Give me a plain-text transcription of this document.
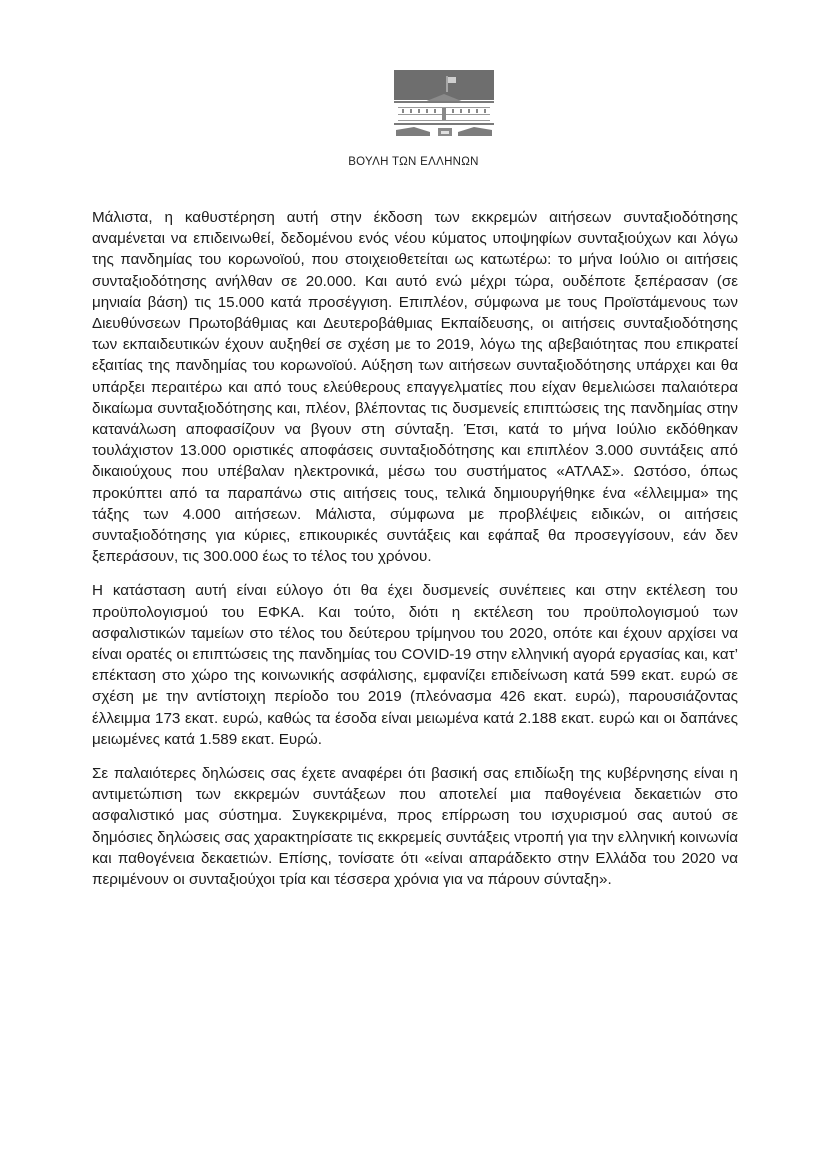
ΒΟΥΛΗ ΤΩΝ ΕΛΛΗΝΩΝ

Μάλιστα, η καθυστέρηση αυτή στην έκδοση των εκκρεμών αιτήσεων συνταξιοδότησης αναμένεται να επιδεινωθεί, δεδομένου ενός νέου κύματος υποψηφίων συνταξιούχων και λόγω της πανδημίας του κορωνοϊού, που στοιχειοθετείται ως κατωτέρω: το μήνα Ιούλιο οι αιτήσεις συνταξιοδότησης ανήλθαν σε 20.000. Και αυτό ενώ μέχρι τώρα, ουδέποτε ξεπέρασαν (σε μηνιαία βάση) τις 15.000 κατά προσέγγιση. Επιπλέον, σύμφωνα με τους Προϊστάμενους των Διευθύνσεων Πρωτοβάθμιας και Δευτεροβάθμιας Εκπαίδευσης, οι αιτήσεις συνταξιοδότησης των εκπαιδευτικών έχουν αυξηθεί σε σχέση με το 2019, λόγω της αβεβαιότητας που επικρατεί εξαιτίας της πανδημίας του κορωνοϊού. Αύξηση των αιτήσεων συνταξιοδότησης υπάρχει και θα υπάρξει περαιτέρω και από τους ελεύθερους επαγγελματίες που είχαν θεμελιώσει παλαιότερα δικαίωμα συνταξιοδότησης και, πλέον, βλέποντας τις δυσμενείς επιπτώσεις της πανδημίας στην κατανάλωση αποφασίζουν να βγουν στη σύνταξη. Έτσι, κατά το μήνα Ιούλιο εκδόθηκαν τουλάχιστον 13.000 οριστικές αποφάσεις συνταξιοδότησης και επιπλέον 3.000 συντάξεις από δικαιούχους που υπέβαλαν ηλεκτρονικά, μέσω του συστήματος «ΑΤΛΑΣ». Ωστόσο, όπως προκύπτει από τα παραπάνω στις αιτήσεις τους, τελικά δημιουργήθηκε ένα «έλλειμμα» της τάξης των 4.000 αιτήσεων. Μάλιστα, σύμφωνα με προβλέψεις ειδικών, οι αιτήσεις συνταξιοδότησης για κύριες, επικουρικές συντάξεις και εφάπαξ θα προσεγγίσουν, εάν δεν ξεπεράσουν, τις 300.000 έως το τέλος του χρόνου.

Η κατάσταση αυτή είναι εύλογο ότι θα έχει δυσμενείς συνέπειες και στην εκτέλεση του προϋπολογισμού του ΕΦΚΑ. Και τούτο, διότι η εκτέλεση του προϋπολογισμού των ασφαλιστικών ταμείων στο τέλος του δεύτερου τρίμηνου του 2020, οπότε και έχουν αρχίσει να είναι ορατές οι επιπτώσεις της πανδημίας του COVID-19 στην ελληνική αγορά εργασίας και, κατ’ επέκταση στο χώρο της κοινωνικής ασφάλισης, εμφανίζει επιδείνωση κατά 599 εκατ. ευρώ σε σχέση με την αντίστοιχη περίοδο του 2019 (πλεόνασμα 426 εκατ. ευρώ), παρουσιάζοντας έλλειμμα 173 εκατ. ευρώ, καθώς τα έσοδα είναι μειωμένα κατά 2.188 εκατ. ευρώ και οι δαπάνες μειωμένες κατά 1.589 εκατ. Ευρώ.

Σε παλαιότερες δηλώσεις σας έχετε αναφέρει ότι βασική σας επιδίωξη της κυβέρνησης είναι η αντιμετώπιση των εκκρεμών συντάξεων που αποτελεί μια παθογένεια δεκαετιών στο ασφαλιστικό μας σύστημα. Συγκεκριμένα, προς επίρρωση του ισχυρισμού σας αυτού σε δημόσιες δηλώσεις σας χαρακτηρίσατε τις εκκρεμείς συντάξεις ντροπή για την ελληνική κοινωνία και παθογένεια δεκαετιών. Επίσης, τονίσατε ότι «είναι απαράδεκτο στην Ελλάδα του 2020 να περιμένουν οι συνταξιούχοι τρία και τέσσερα χρόνια για να πάρουν σύνταξη».
